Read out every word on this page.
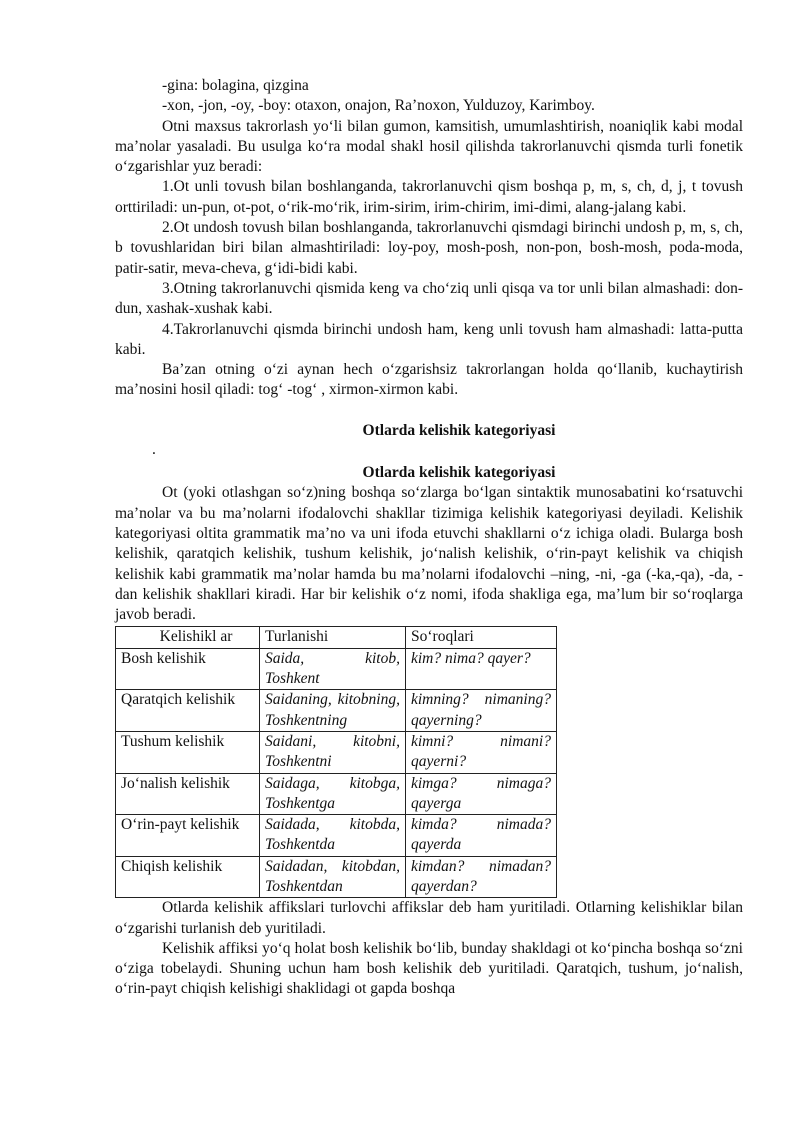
-gina: bolagina, qizgina

-xon, -jon, -oy, -boy: otaxon, onajon, Ra’noxon, Yulduzoy, Karimboy.

Otni maxsus takrorlash yo‘li bilan gumon, kamsitish, umumlashtirish, noaniqlik kabi modal ma’nolar yasaladi. Bu usulga ko‘ra modal shakl hosil qilishda takrorlanuvchi qismda turli fonetik o‘zgarishlar yuz beradi:

1.Ot unli tovush bilan boshlanganda, takrorlanuvchi qism boshqa p, m, s, ch, d, j, t tovush orttiriladi: un-pun, ot-pot, o‘rik-mo‘rik, irim-sirim, irim-chirim, imi-dimi, alang-jalang kabi.

2.Ot undosh tovush bilan boshlanganda, takrorlanuvchi qismdagi birinchi undosh p, m, s, ch, b tovushlaridan biri bilan almashtiriladi: loy-poy, mosh-posh, non-pon, bosh-mosh, poda-moda, patir-satir, meva-cheva, g‘idi-bidi kabi.

3.Otning takrorlanuvchi qismida keng va cho‘ziq unli qisqa va tor unli bilan almashadi: don-dun, xashak-xushak kabi.

4.Takrorlanuvchi qismda birinchi undosh ham, keng unli tovush ham almashadi: latta-putta kabi.

Ba’zan otning o‘zi aynan hech o‘zgarishsiz takrorlangan holda qo‘llanib, kuchaytirish ma’nosini hosil qiladi: tog‘ -tog‘ , xirmon-xirmon kabi.

Otlarda kelishik kategoriyasi

.

Otlarda kelishik kategoriyasi

Ot (yoki otlashgan so‘z)ning boshqa so‘zlarga bo‘lgan sintaktik munosabatini ko‘rsatuvchi ma’nolar va bu ma’nolarni ifodalovchi shakllar tizimiga kelishik kategoriyasi deyiladi. Kelishik kategoriyasi oltita grammatik ma’no va uni ifoda etuvchi shakllarni o‘z ichiga oladi. Bularga bosh kelishik, qaratqich kelishik, tushum kelishik, jo‘nalish kelishik, o‘rin-payt kelishik va chiqish kelishik kabi grammatik ma’nolar hamda bu ma’nolarni ifodalovchi –ning, -ni, -ga (-ka,-qa), -da, -dan kelishik shakllari kiradi. Har bir kelishik o‘z nomi, ifoda shakliga ega, ma’lum bir so‘roqlarga javob beradi.

Kelishikl ar	Turlanishi	So‘roqlari
Bosh kelishik	Saida, kitob, Toshkent	kim? nima? qayer?
Qaratqich kelishik	Saidaning, kitobning, Toshkentning	kimning? nimaning? qayerning?
Tushum kelishik	Saidani, kitobni, Toshkentni	kimni? nimani? qayerni?
Jo‘nalish kelishik	Saidaga, kitobga, Toshkentga	kimga? nimaga? qayerga
O‘rin-payt kelishik	Saidada, kitobda, Toshkentda	kimda? nimada? qayerda
Chiqish kelishik	Saidadan, kitobdan, Toshkentdan	kimdan? nimadan? qayerdan?

Otlarda kelishik affikslari turlovchi affikslar deb ham yuritiladi. Otlarning kelishiklar bilan o‘zgarishi turlanish deb yuritiladi.

Kelishik affiksi yo‘q holat bosh kelishik bo‘lib, bunday shakldagi ot ko‘pincha boshqa so‘zni o‘ziga tobelaydi. Shuning uchun ham bosh kelishik deb yuritiladi. Qaratqich, tushum, jo‘nalish, o‘rin-payt chiqish kelishigi shaklidagi ot gapda boshqa
